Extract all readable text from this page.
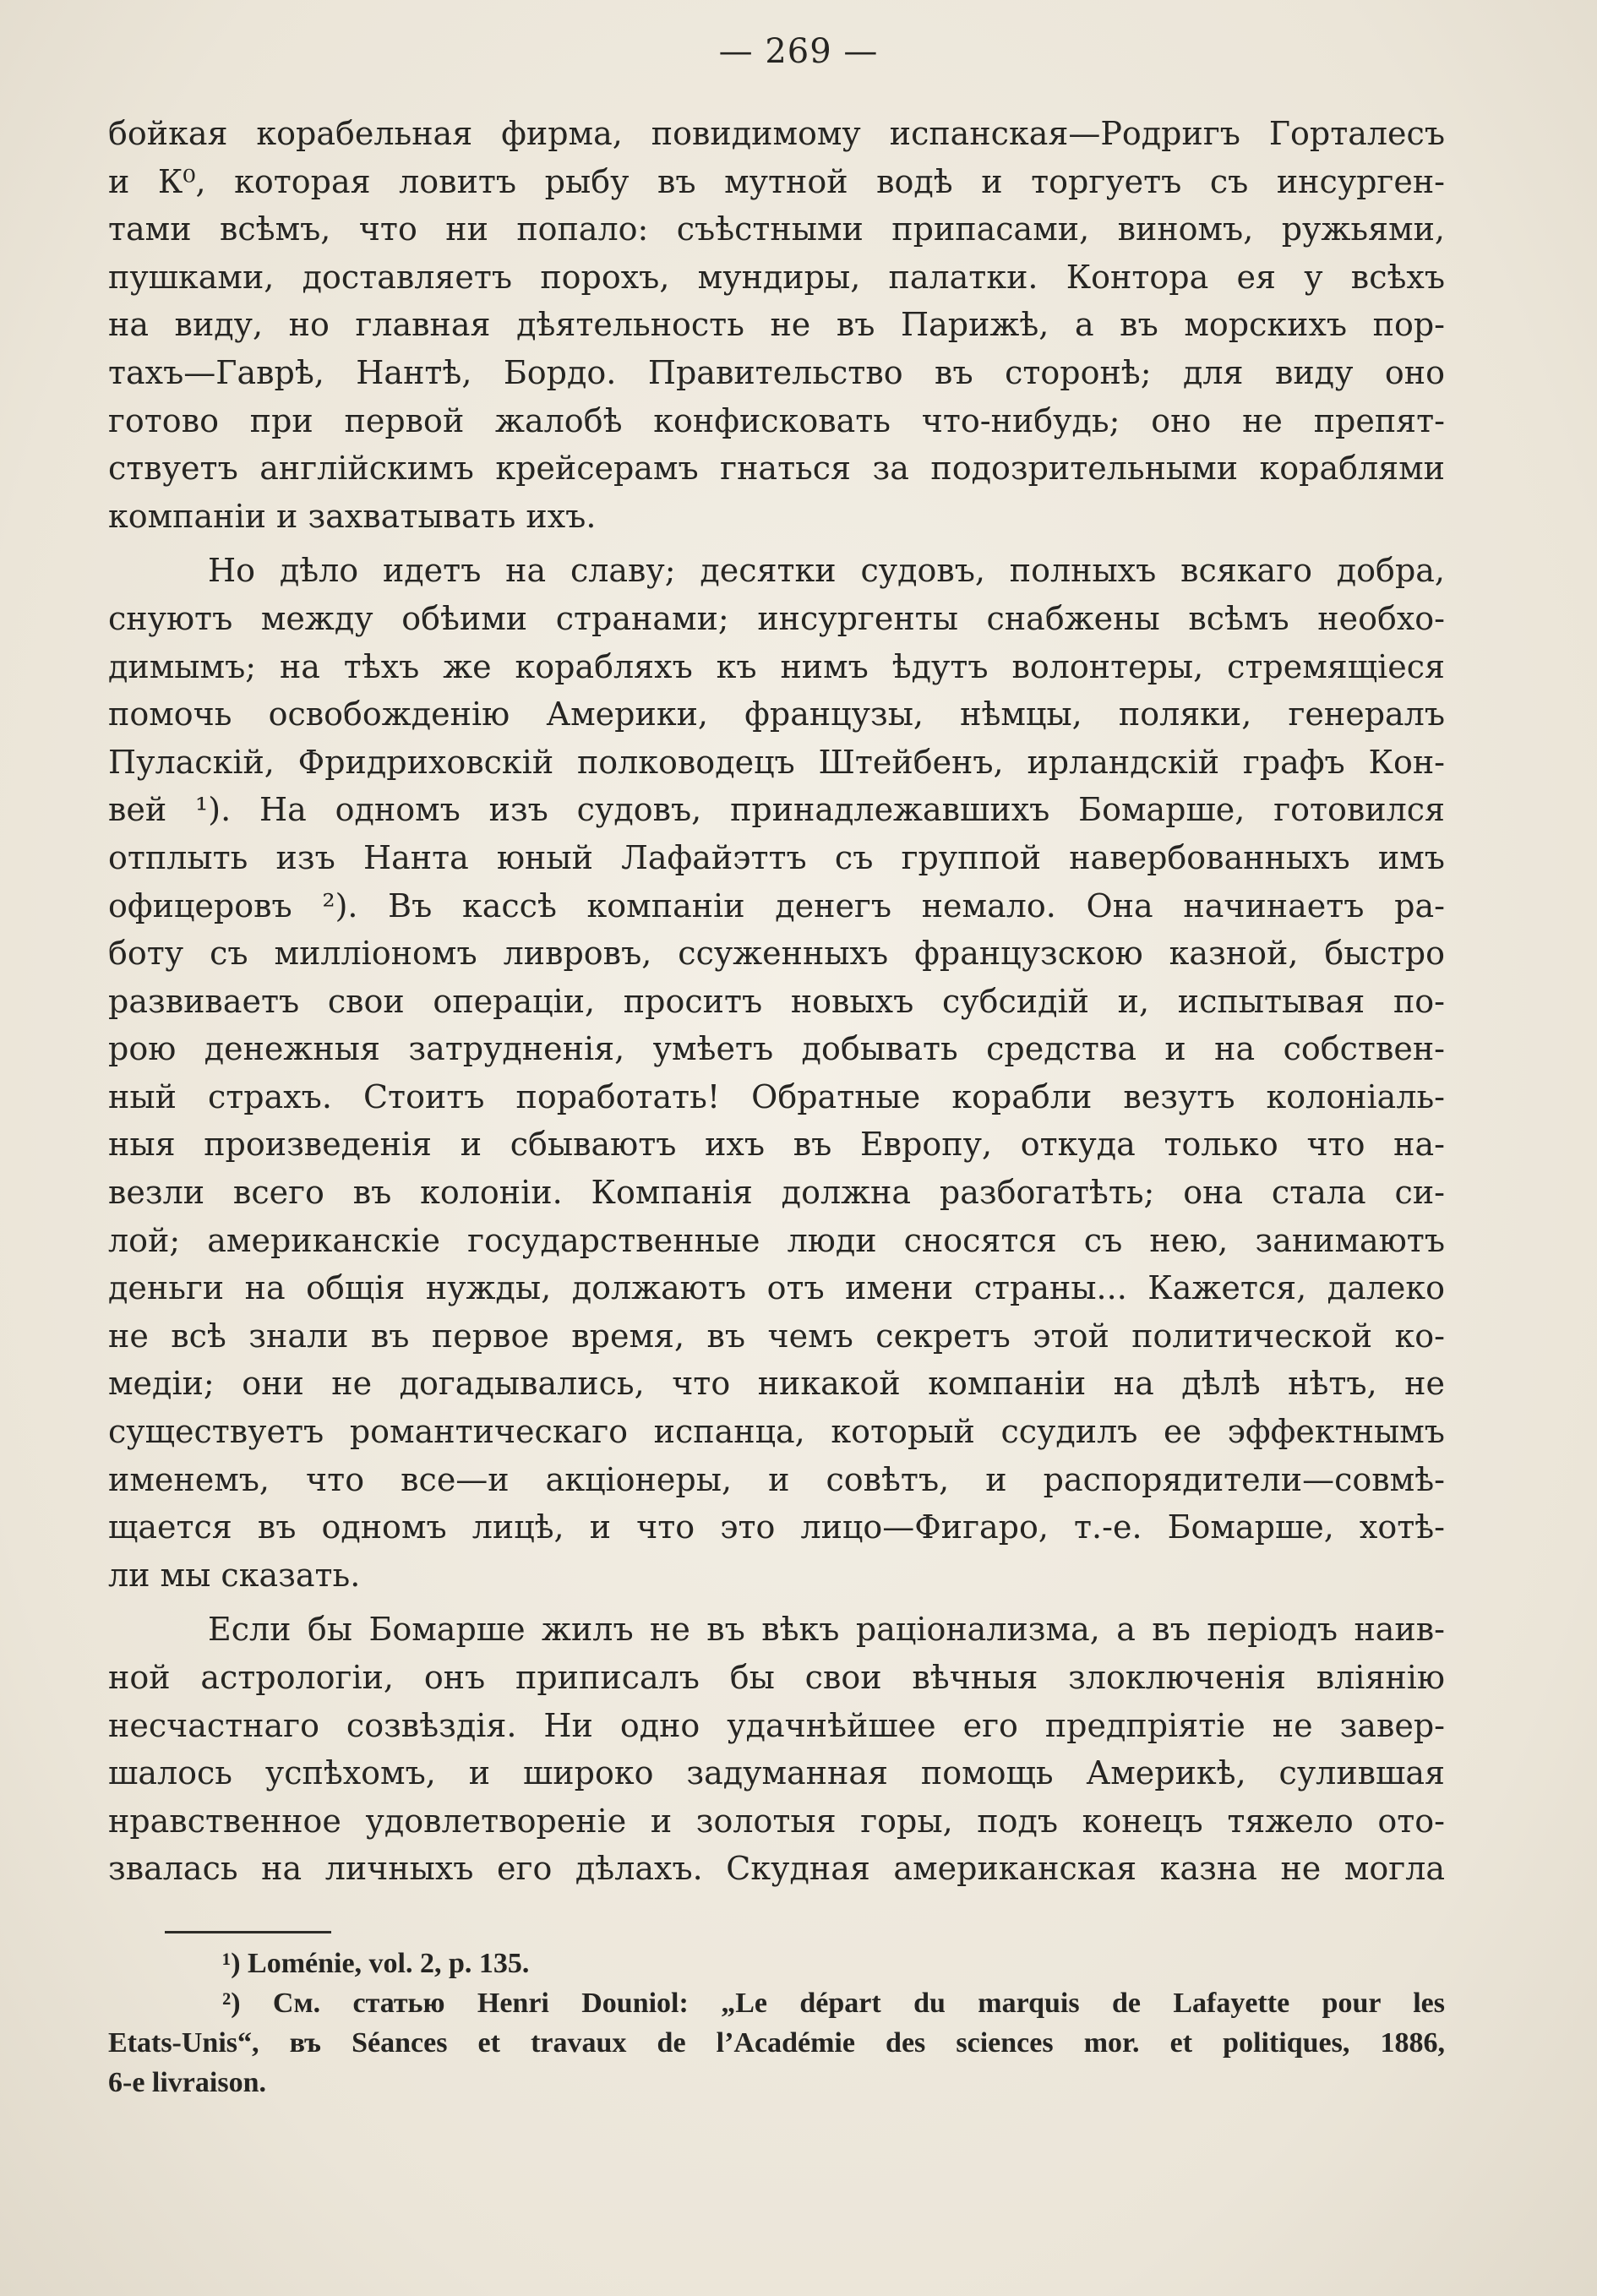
— 269 —
бойкая корабельная фирма, повидимому испанская—Родригъ Горталесъ
и К⁰, которая ловитъ рыбу въ мутной водѣ и торгуетъ съ инсурген-
тами всѣмъ, что ни попало: съѣстными припасами, виномъ, ружьями,
пушками, доставляетъ порохъ, мундиры, палатки. Контора ея у всѣхъ
на виду, но главная дѣятельность не въ Парижѣ, а въ морскихъ пор-
тахъ—Гаврѣ, Нантѣ, Бордо. Правительство въ сторонѣ; для виду оно
готово при первой жалобѣ конфисковать что-нибудь; оно не препят-
ствуетъ англійскимъ крейсерамъ гнаться за подозрительными кораблями
компаніи и захватывать ихъ.
Но дѣло идетъ на славу; десятки судовъ, полныхъ всякаго добра,
снуютъ между обѣими странами; инсургенты снабжены всѣмъ необхо-
димымъ; на тѣхъ же корабляхъ къ нимъ ѣдутъ волонтеры, стремящіеся
помочь освобожденію Америки, французы, нѣмцы, поляки, генералъ
Пуласкій, Фридриховскій полководецъ Штейбенъ, ирландскій графъ Кон-
вей ¹). На одномъ изъ судовъ, принадлежавшихъ Бомарше, готовился
отплыть изъ Нанта юный Лафайэттъ съ группой навербованныхъ имъ
офицеровъ ²). Въ кассѣ компаніи денегъ немало. Она начинаетъ ра-
боту съ милліономъ ливровъ, ссуженныхъ французскою казной, быстро
развиваетъ свои операціи, проситъ новыхъ субсидій и, испытывая по-
рою денежныя затрудненія, умѣетъ добывать средства и на собствен-
ный страхъ. Стоитъ поработать! Обратные корабли везутъ колоніаль-
ныя произведенія и сбываютъ ихъ въ Европу, откуда только что на-
везли всего въ колоніи. Компанія должна разбогатѣть; она стала си-
лой; американскіе государственные люди сносятся съ нею, занимаютъ
деньги на общія нужды, должаютъ отъ имени страны... Кажется, далеко
не всѣ знали въ первое время, въ чемъ секретъ этой политической ко-
медіи; они не догадывались, что никакой компаніи на дѣлѣ нѣтъ, не
существуетъ романтическаго испанца, который ссудилъ ее эффектнымъ
именемъ, что все—и акціонеры, и совѣтъ, и распорядители—совмѣ-
щается въ одномъ лицѣ, и что это лицо—Фигаро, т.-е. Бомарше, хотѣ-
ли мы сказать.
Если бы Бомарше жилъ не въ вѣкъ раціонализма, а въ періодъ наив-
ной астрологіи, онъ приписалъ бы свои вѣчныя злоключенія вліянію
несчастнаго созвѣздія. Ни одно удачнѣйшее его предпріятіе не завер-
шалось успѣхомъ, и широко задуманная помощь Америкѣ, сулившая
нравственное удовлетвореніе и золотыя горы, подъ конецъ тяжело ото-
звалась на личныхъ его дѣлахъ. Скудная американская казна не могла
¹) Loménie, vol. 2, p. 135.
²) См. статью Henri Douniol: „Le départ du marquis de Lafayette pour les
Etats-Unis“, въ Séances et travaux de l’Académie des sciences mor. et politiques, 1886,
6-e livraison.
